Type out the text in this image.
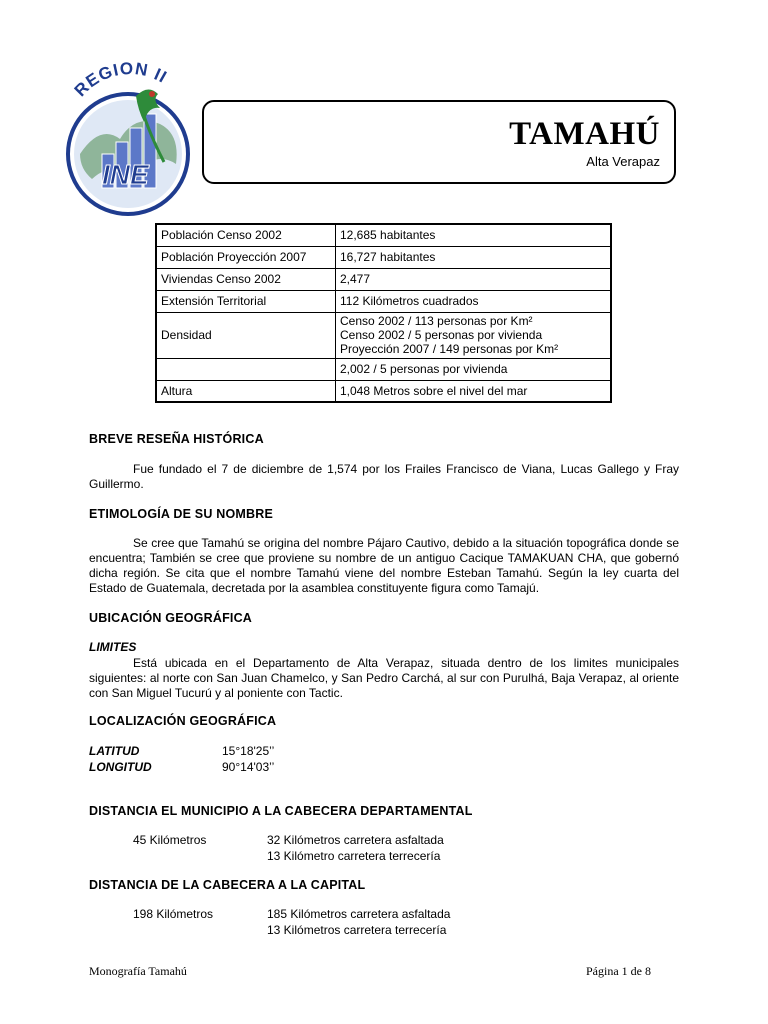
REGION II
INE
TAMAHÚ
Alta Verapaz
Población Censo 2002	12,685 habitantes
Población Proyección 2007	16,727 habitantes
Viviendas Censo 2002	2,477
Extensión Territorial	112 Kilómetros cuadrados
Densidad	Censo 2002 / 113 personas por Km²
Censo 2002 / 5 personas por vivienda
Proyección 2007 / 149 personas por Km²

	2,002 / 5 personas por vivienda
Altura	1,048 Metros sobre el nivel del mar
BREVE RESEÑA HISTÓRICA
Fue fundado el 7 de diciembre de 1,574 por los Frailes Francisco de Viana, Lucas Gallego y Fray Guillermo.
ETIMOLOGÍA DE SU NOMBRE
Se cree que Tamahú se origina del nombre Pájaro Cautivo, debido a la situación topográfica donde se encuentra; También se cree que proviene su nombre de un antiguo Cacique TAMAKUAN CHA, que gobernó dicha región. Se cita que el nombre Tamahú viene del nombre Esteban Tamahú. Según la ley cuarta del Estado de Guatemala, decretada por la asamblea constituyente figura como Tamajú.
UBICACIÓN GEOGRÁFICA
LIMITES
Está ubicada en el Departamento de Alta Verapaz, situada dentro de los limites municipales siguientes: al norte con San Juan Chamelco, y San Pedro Carchá, al sur con Purulhá, Baja Verapaz, al oriente con San Miguel Tucurú y al poniente con Tactic.
LOCALIZACIÓN GEOGRÁFICA
LATITUD	15°18'25’’
LONGITUD	90°14'03’’
DISTANCIA EL MUNICIPIO A LA CABECERA DEPARTAMENTAL
45 Kilómetros	32 Kilómetros carretera asfaltada
13 Kilómetro carretera terrecería
DISTANCIA DE LA CABECERA A LA CAPITAL
198 Kilómetros	185 Kilómetros carretera asfaltada
13 Kilómetros carretera terrecería
Monografía Tamahú	Página 1 de 8
